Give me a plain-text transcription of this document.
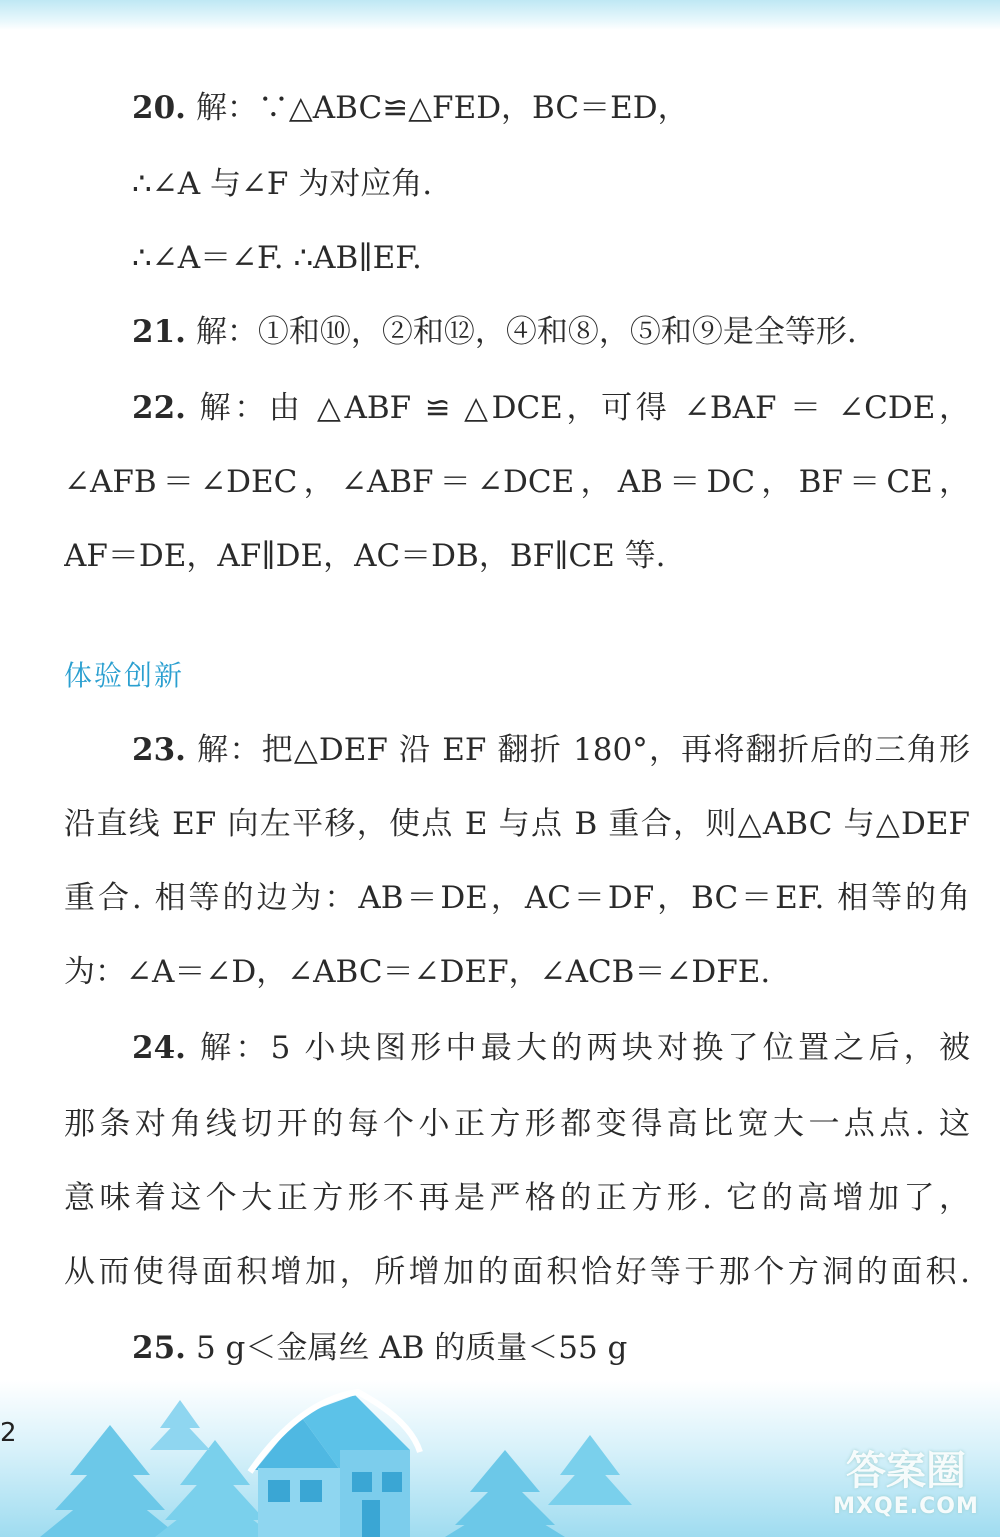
20. 解：∵△ABC≌△FED，BC＝ED，
∴∠A 与∠F 为对应角.
∴∠A＝∠F. ∴AB∥EF.
21. 解：①和⑩，②和⑫，④和⑧，⑤和⑨是全等形.
22. 解：由 △ABF ≌ △DCE，可得 ∠BAF ＝ ∠CDE，
∠AFB＝∠DEC，∠ABF＝∠DCE，AB＝DC，BF＝CE，
AF＝DE，AF∥DE，AC＝DB，BF∥CE 等.
体验创新
23. 解：把△DEF 沿 EF 翻折 180°，再将翻折后的三角形
沿直线 EF 向左平移，使点 E 与点 B 重合，则△ABC 与△DEF
重合. 相等的边为：AB＝DE，AC＝DF，BC＝EF. 相等的角
为：∠A＝∠D，∠ABC＝∠DEF，∠ACB＝∠DFE.
24. 解：5 小块图形中最大的两块对换了位置之后，被
那条对角线切开的每个小正方形都变得高比宽大一点点. 这
意味着这个大正方形不再是严格的正方形. 它的高增加了，
从而使得面积增加，所增加的面积恰好等于那个方洞的面积.
25. 5 g＜金属丝 AB 的质量＜55 g
2
答案圈
MXQE.COM
